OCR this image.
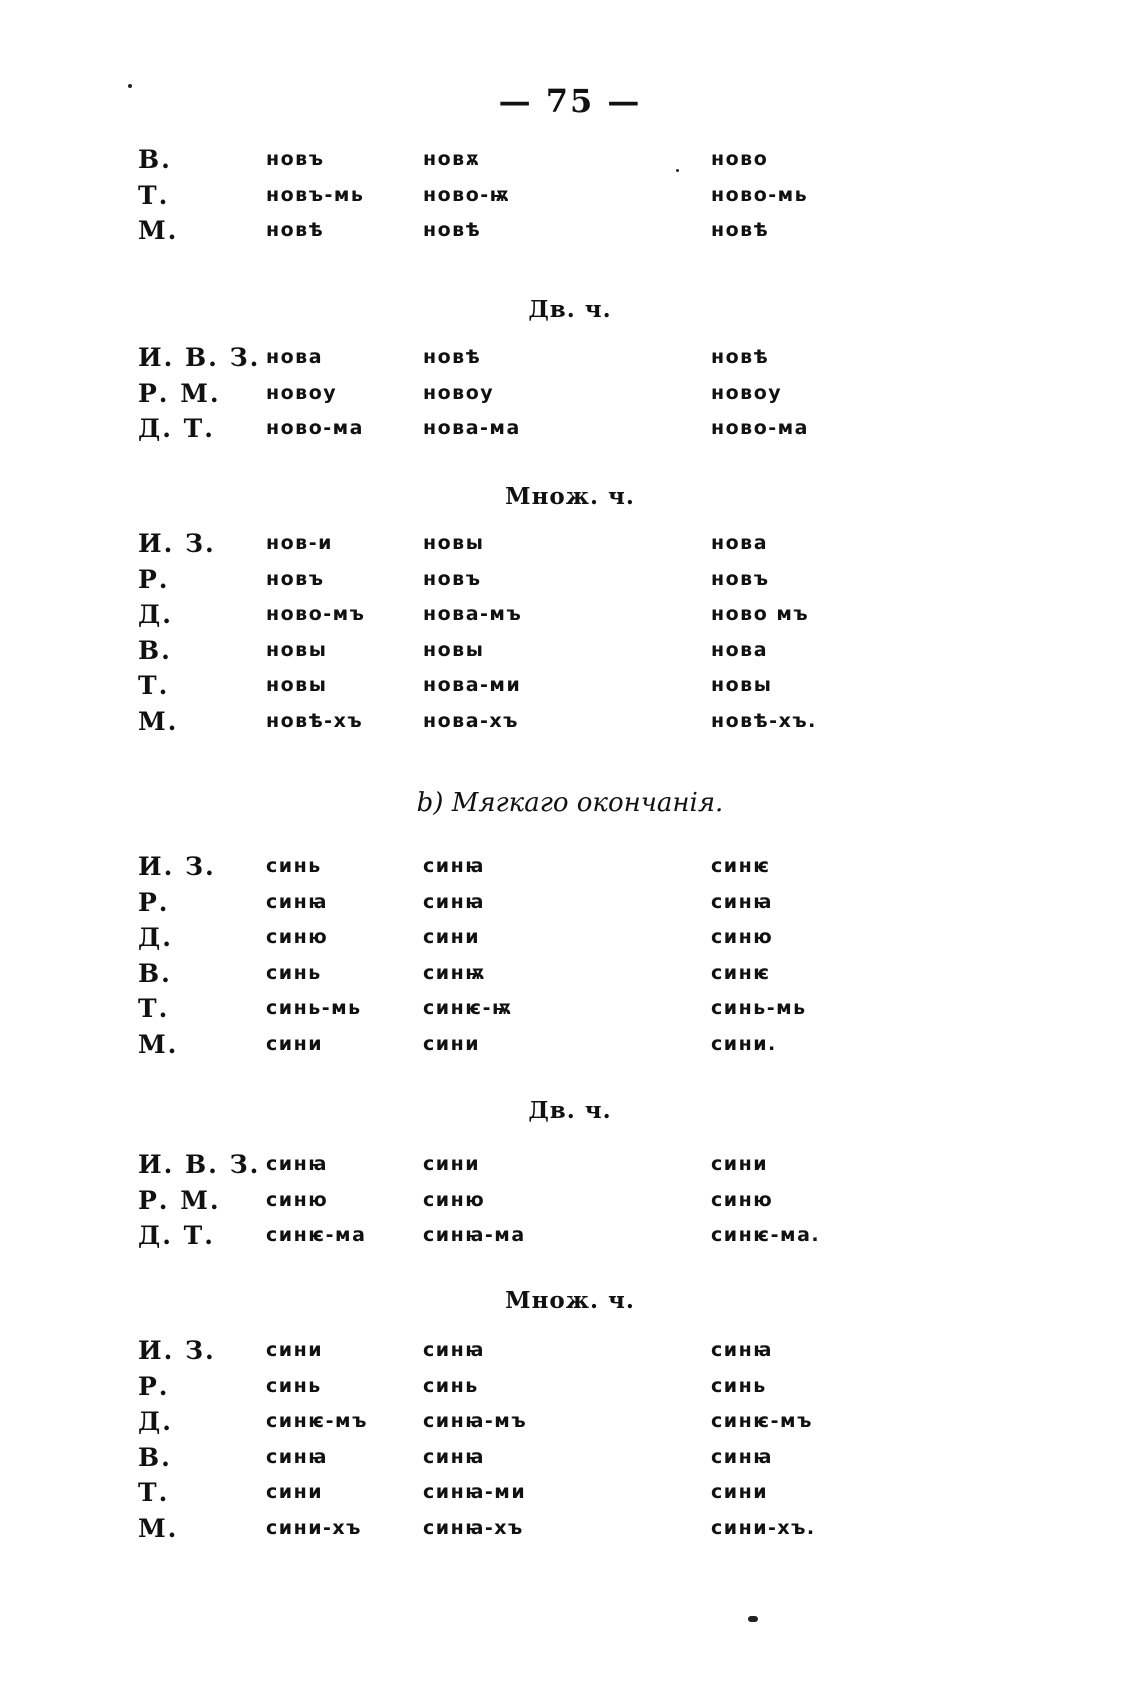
— 75 —
В.	новъ	новѫ	ново
Т.	новъ-мь	ново-ѭ	ново-мь
М.	новѣ	новѣ	новѣ
Дв. ч.
И. В. З. нова	новѣ	новѣ
Р. М. новоу	новоу	новоу
Д. Т.	ново-ма	нова-ма	ново-ма
Множ. ч.
И. З.	нов-и	новы	нова
Р.	новъ	новъ	новъ
Д.	ново-мъ	нова-мъ	ново мъ
В.	новы	новы	нова
Т.	новы	нова-ми	новы
М.	новѣ-хъ	нова-хъ	новѣ-хъ.
b) Мягкаго окончанія.
И. З.	синь	синꙗ	синѥ
Р.	синꙗ	синꙗ	синꙗ
Д.	синю	сини	синю
В.	синь	синѭ	синѥ
Т.	синь-мь	синѥ-ѭ	синь-мь
М.	сини	сини	сини.
Дв. ч.
И. В. З. синꙗ	сини	сини
Р. М. синю	синю	синю
Д. Т.	синѥ-ма	синꙗ-ма	синѥ-ма.
Множ. ч.
И. З.	сини	синꙗ	синꙗ
Р.	синь	синь	синь
Д.	синѥ-мъ	синꙗ-мъ	синѥ-мъ
В.	синꙗ	синꙗ	синꙗ
Т.	сини	синꙗ-ми	сини
М.	сини-хъ	синꙗ-хъ	сини-хъ.
